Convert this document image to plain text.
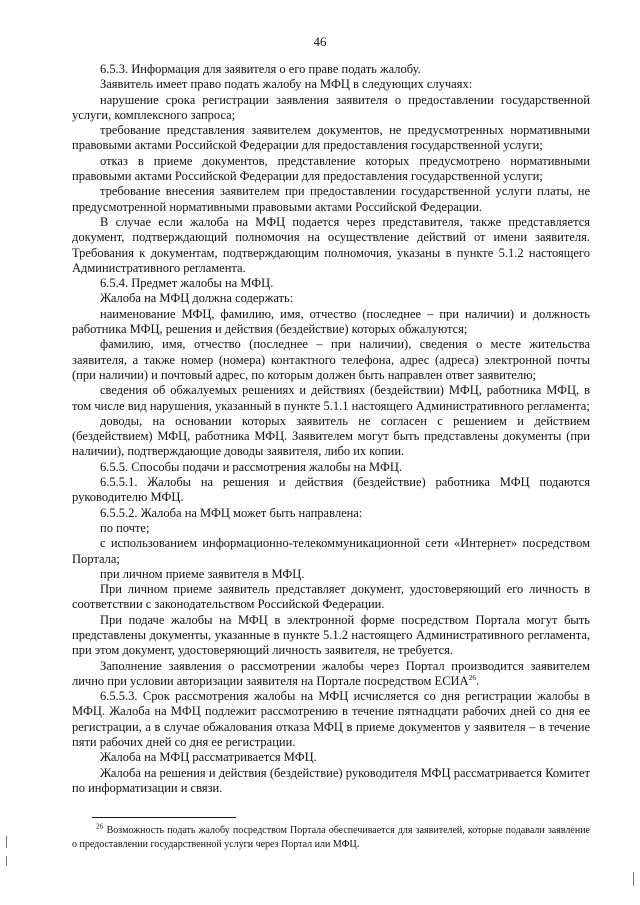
46

6.5.3. Информация для заявителя о его праве подать жалобу.

Заявитель имеет право подать жалобу на МФЦ в следующих случаях:

нарушение срока регистрации заявления заявителя о предоставлении государственной услуги, комплексного запроса;

требование представления заявителем документов, не предусмотренных нормативными правовыми актами Российской Федерации для предоставления государственной услуги;

отказ в приеме документов, представление которых предусмотрено нормативными правовыми актами Российской Федерации для предоставления государственной услуги;

требование внесения заявителем при предоставлении государственной услуги платы, не предусмотренной нормативными правовыми актами Российской Федерации.

В случае если жалоба на МФЦ подается через представителя, также представляется документ, подтверждающий полномочия на осуществление действий от имени заявителя. Требования к документам, подтверждающим полномочия, указаны в пункте 5.1.2 настоящего Административного регламента.

6.5.4. Предмет жалобы на МФЦ.

Жалоба на МФЦ должна содержать:

наименование МФЦ, фамилию, имя, отчество (последнее – при наличии) и должность работника МФЦ, решения и действия (бездействие) которых обжалуются;

фамилию, имя, отчество (последнее – при наличии), сведения о месте жительства заявителя, а также номер (номера) контактного телефона, адрес (адреса) электронной почты (при наличии) и почтовый адрес, по которым должен быть направлен ответ заявителю;

сведения об обжалуемых решениях и действиях (бездействии) МФЦ, работника МФЦ, в том числе вид нарушения, указанный в пункте 5.1.1 настоящего Административного регламента;

доводы, на основании которых заявитель не согласен с решением и действием (бездействием) МФЦ, работника МФЦ. Заявителем могут быть представлены документы (при наличии), подтверждающие доводы заявителя, либо их копии.

6.5.5. Способы подачи и рассмотрения жалобы на МФЦ.

6.5.5.1. Жалобы на решения и действия (бездействие) работника МФЦ подаются руководителю МФЦ.

6.5.5.2. Жалоба на МФЦ может быть направлена:

по почте;

с использованием информационно-телекоммуникационной сети «Интернет» посредством Портала;

при личном приеме заявителя в МФЦ.

При личном приеме заявитель представляет документ, удостоверяющий его личность в соответствии с законодательством Российской Федерации.

При подаче жалобы на МФЦ в электронной форме посредством Портала могут быть представлены документы, указанные в пункте 5.1.2 настоящего Административного регламента, при этом документ, удостоверяющий личность заявителя, не требуется.

Заполнение заявления о рассмотрении жалобы через Портал производится заявителем лично при условии авторизации заявителя на Портале посредством ЕСИА$^{26}$.

6.5.5.3. Срок рассмотрения жалобы на МФЦ исчисляется со дня регистрации жалобы в МФЦ. Жалоба на МФЦ подлежит рассмотрению в течение пятнадцати рабочих дней со дня ее регистрации, а в случае обжалования отказа МФЦ в приеме документов у заявителя – в течение пяти рабочих дней со дня ее регистрации.

Жалоба на МФЦ рассматривается МФЦ.

Жалоба на решения и действия (бездействие) руководителя МФЦ рассматривается Комитет по информатизации и связи.

$^{26}$ Возможность подать жалобу посредством Портала обеспечивается для заявителей, которые подавали заявление о предоставлении государственной услуги через Портал или МФЦ.
